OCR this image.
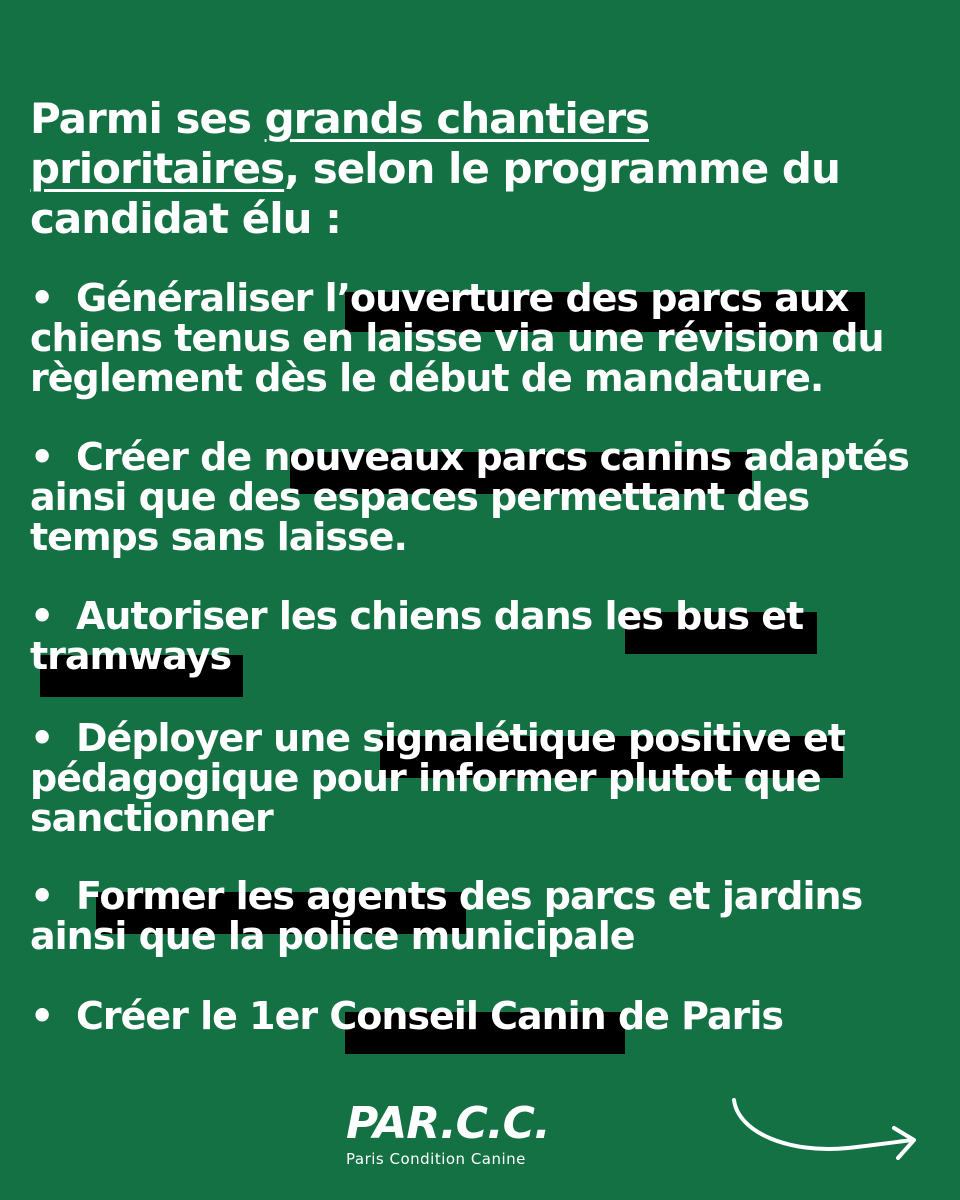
Parmi ses grands chantiers
prioritaires, selon le programme du candidat élu :

• Généraliser l’ouverture des parcs aux chiens tenus en laisse via une révision du règlement dès le début de mandature.

• Créer de nouveaux parcs canins adaptés ainsi que des espaces permettant des temps sans laisse.

• Autoriser les chiens dans les bus et tramways

• Déployer une signalétique positive et pédagogique pour informer plutot que sanctionner

• Former les agents des parcs et jardins ainsi que la police municipale

• Créer le 1er Conseil Canin de Paris

PAR.C.C.
Paris Condition Canine
